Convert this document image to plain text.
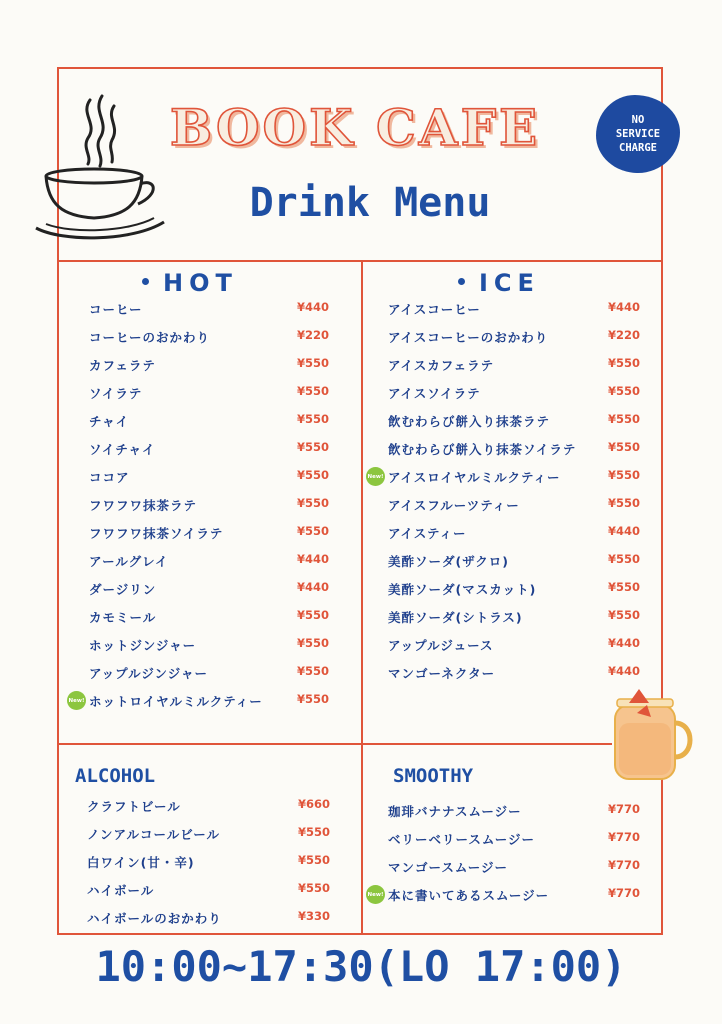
BOOK CAFE
Drink Menu
NO
SERVICE
CHARGE
HOT	ICE
ALCOHOL	SMOOTHY
コーヒー	¥440
コーヒーのおかわり	¥220
カフェラテ	¥550
ソイラテ	¥550
チャイ	¥550
ソイチャイ	¥550
ココア	¥550
フワフワ抹茶ラテ	¥550
フワフワ抹茶ソイラテ	¥550
アールグレイ	¥440
ダージリン	¥440
カモミール	¥550
ホットジンジャー	¥550
アップルジンジャー	¥550
New! ホットロイヤルミルクティー	¥550
アイスコーヒー	¥440
アイスコーヒーのおかわり	¥220
アイスカフェラテ	¥550
アイスソイラテ	¥550
飲むわらび餅入り抹茶ラテ	¥550
飲むわらび餅入り抹茶ソイラテ	¥550
New! アイスロイヤルミルクティー	¥550
アイスフルーツティー	¥550
アイスティー	¥440
美酢ソーダ(ザクロ)	¥550
美酢ソーダ(マスカット)	¥550
美酢ソーダ(シトラス)	¥550
アップルジュース	¥440
マンゴーネクター	¥440
クラフトビール	¥660
ノンアルコールビール	¥550
白ワイン(甘・辛)	¥550
ハイボール	¥550
ハイボールのおかわり	¥330
珈琲バナナスムージー	¥770
ベリーベリースムージー	¥770
マンゴースムージー	¥770
New! 本に書いてあるスムージー	¥770
10:00~17:30(LO 17:00)
